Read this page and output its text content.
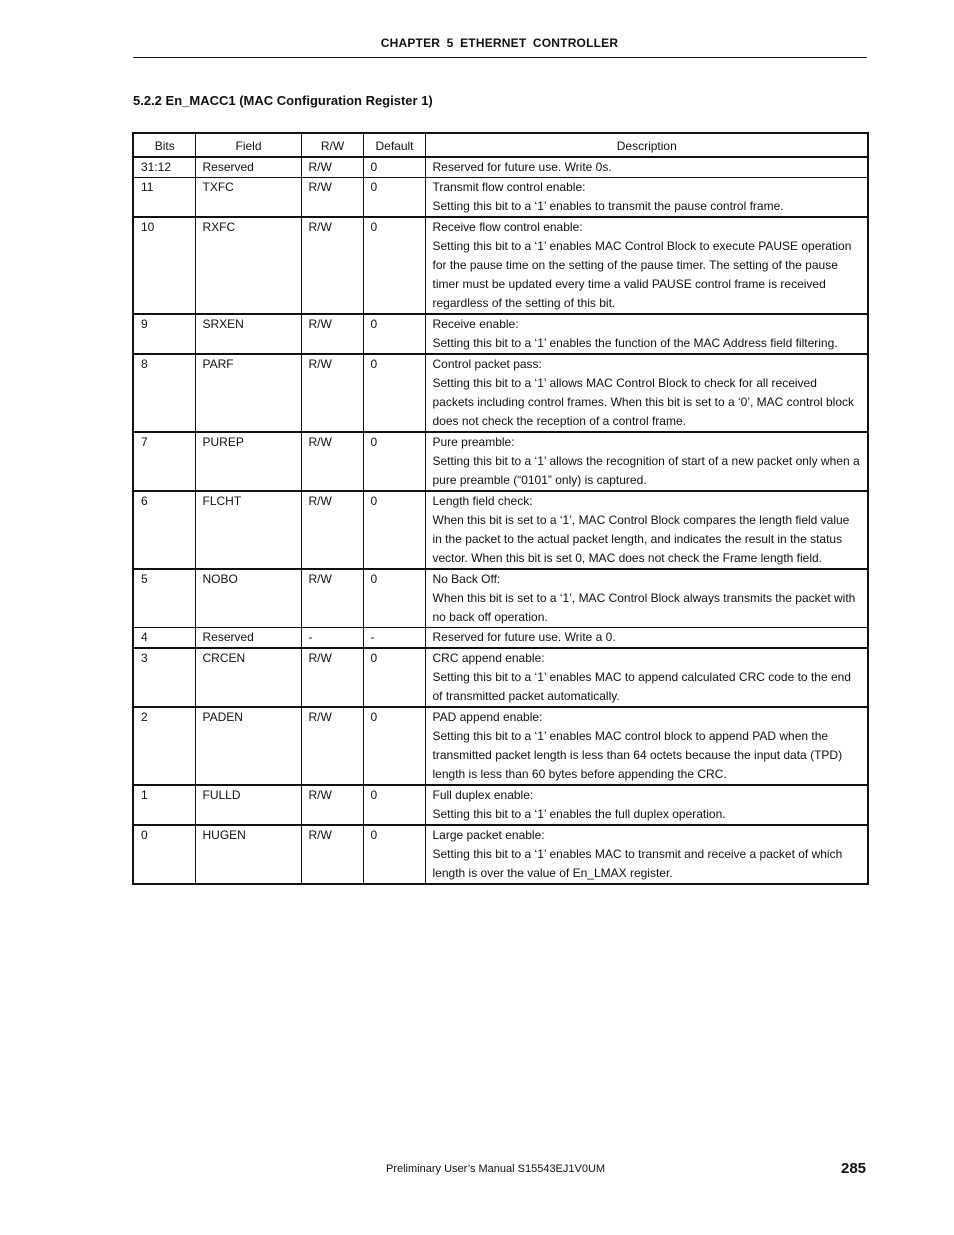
CHAPTER 5 ETHERNET CONTROLLER
5.2.2 En_MACC1 (MAC Configuration Register 1)
Bits	Field	R/W	Default	Description
31:12	Reserved	R/W	0	Reserved for future use. Write 0s.

11	TXFC	R/W	0	Transmit flow control enable:
Setting this bit to a ‘1’ enables to transmit the pause control frame.

10	RXFC	R/W	0	Receive flow control enable:
Setting this bit to a ‘1’ enables MAC Control Block to execute PAUSE operation for the pause time on the setting of the pause timer. The setting of the pause timer must be updated every time a valid PAUSE control frame is received regardless of the setting of this bit.

9	SRXEN	R/W	0	Receive enable:
Setting this bit to a ‘1’ enables the function of the MAC Address field filtering.

8	PARF	R/W	0	Control packet pass:
Setting this bit to a ‘1’ allows MAC Control Block to check for all received packets including control frames. When this bit is set to a ‘0’, MAC control block does not check the reception of a control frame.

7	PUREP	R/W	0	Pure preamble:
Setting this bit to a ‘1’ allows the recognition of start of a new packet only when a pure preamble (“0101” only) is captured.

6	FLCHT	R/W	0	Length field check:
When this bit is set to a ‘1’, MAC Control Block compares the length field value in the packet to the actual packet length, and indicates the result in the status vector. When this bit is set 0, MAC does not check the Frame length field.

5	NOBO	R/W	0	No Back Off:
When this bit is set to a ‘1’, MAC Control Block always transmits the packet with no back off operation.

4	Reserved	-	-	Reserved for future use. Write a 0.

3	CRCEN	R/W	0	CRC append enable:
Setting this bit to a ‘1’ enables MAC to append calculated CRC code to the end of transmitted packet automatically.

2	PADEN	R/W	0	PAD append enable:
Setting this bit to a ‘1’ enables MAC control block to append PAD when the transmitted packet length is less than 64 octets because the input data (TPD) length is less than 60 bytes before appending the CRC.

1	FULLD	R/W	0	Full duplex enable:
Setting this bit to a ‘1’ enables the full duplex operation.

0	HUGEN	R/W	0	Large packet enable:
Setting this bit to a ‘1’ enables MAC to transmit and receive a packet of which length is over the value of En_LMAX register.
Preliminary User’s Manual S15543EJ1V0UM	285
